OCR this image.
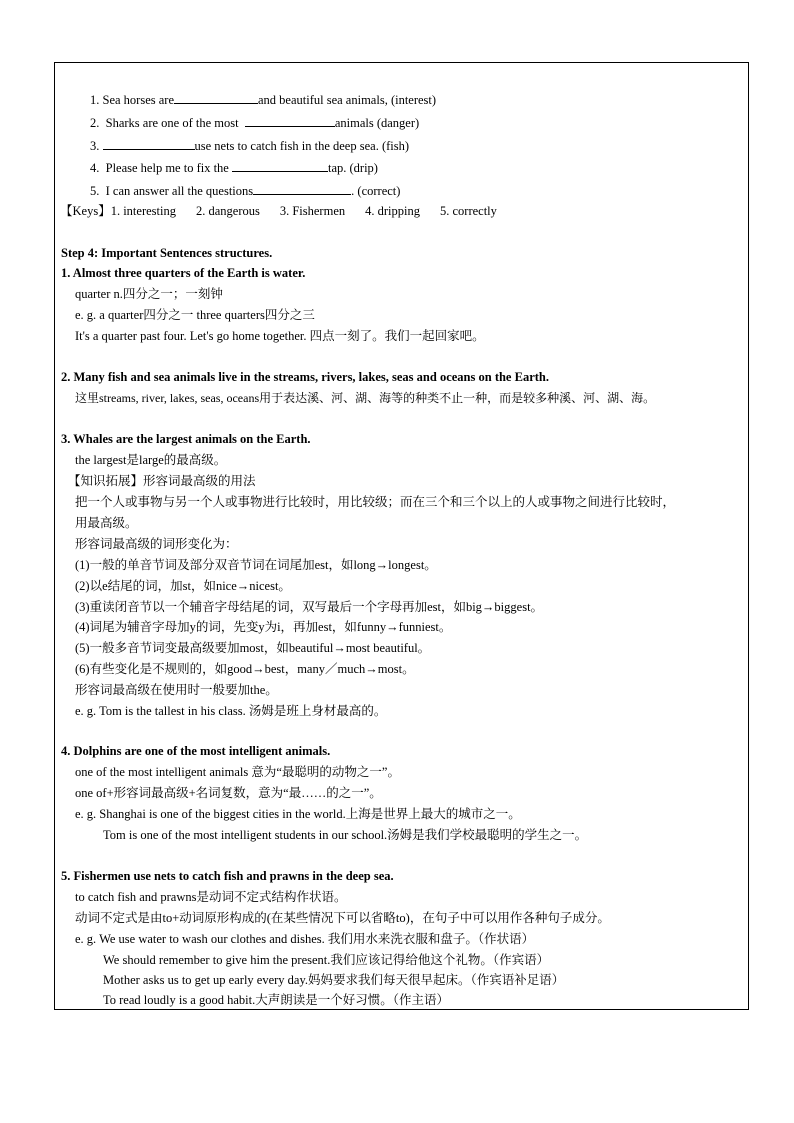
1. Sea horses are	and beautiful sea animals, (interest)
2. Sharks are one of the most	animals (danger)
3.	use nets to catch fish in the deep sea. (fish)
4. Please help me to fix the	tap. (drip)
5. I can answer all the questions	. (correct)
【Keys】1. interesting 2. dangerous 3. Fishermen 4. dripping 5. correctly
Step 4: Important Sentences structures.
1. Almost three quarters of the Earth is water.
quarter n.四分之一；一刻钟
e. g. a quarter四分之一 three quarters四分之三
It's a quarter past four. Let's go home together. 四点一刻了。我们一起回家吧。
2. Many fish and sea animals live in the streams, rivers, lakes, seas and oceans on the Earth.
这里streams, river, lakes, seas, oceans用于表达溪、河、湖、海等的种类不止一种，而是较多种溪、河、湖、海。
3. Whales are the largest animals on the Earth.
the largest是large的最高级。
【知识拓展】形容词最高级的用法
把一个人或事物与另一个人或事物进行比较时，用比较级；而在三个和三个以上的人或事物之间进行比较时，
用最高级。
形容词最高级的词形变化为：
(1)一般的单音节词及部分双音节词在词尾加est，如long→longest。
(2)以e结尾的词，加st，如nice→nicest。
(3)重读闭音节以一个辅音字母结尾的词，双写最后一个字母再加est，如big→biggest。
(4)词尾为辅音字母加y的词，先变y为i，再加est，如funny→funniest。
(5)一般多音节词变最高级要加most，如beautiful→most beautiful。
(6)有些变化是不规则的，如good→best，many／much→most。
形容词最高级在使用时一般要加the。
e. g. Tom is the tallest in his class. 汤姆是班上身材最高的。
4. Dolphins are one of the most intelligent animals.
one of the most intelligent animals 意为“最聪明的动物之一”。
one of+形容词最高级+名词复数，意为“最……的之一”。
e. g. Shanghai is one of the biggest cities in the world.上海是世界上最大的城市之一。
Tom is one of the most intelligent students in our school.汤姆是我们学校最聪明的学生之一。
5. Fishermen use nets to catch fish and prawns in the deep sea.
to catch fish and prawns是动词不定式结构作状语。
动词不定式是由to+动词原形构成的(在某些情况下可以省略to)，在句子中可以用作各种句子成分。
e. g. We use water to wash our clothes and dishes. 我们用水来洗衣服和盘子。（作状语）
We should remember to give him the present.我们应该记得给他这个礼物。（作宾语）
Mother asks us to get up early every day.妈妈要求我们每天很早起床。（作宾语补足语）
To read loudly is a good habit.大声朗读是一个好习惯。（作主语）
